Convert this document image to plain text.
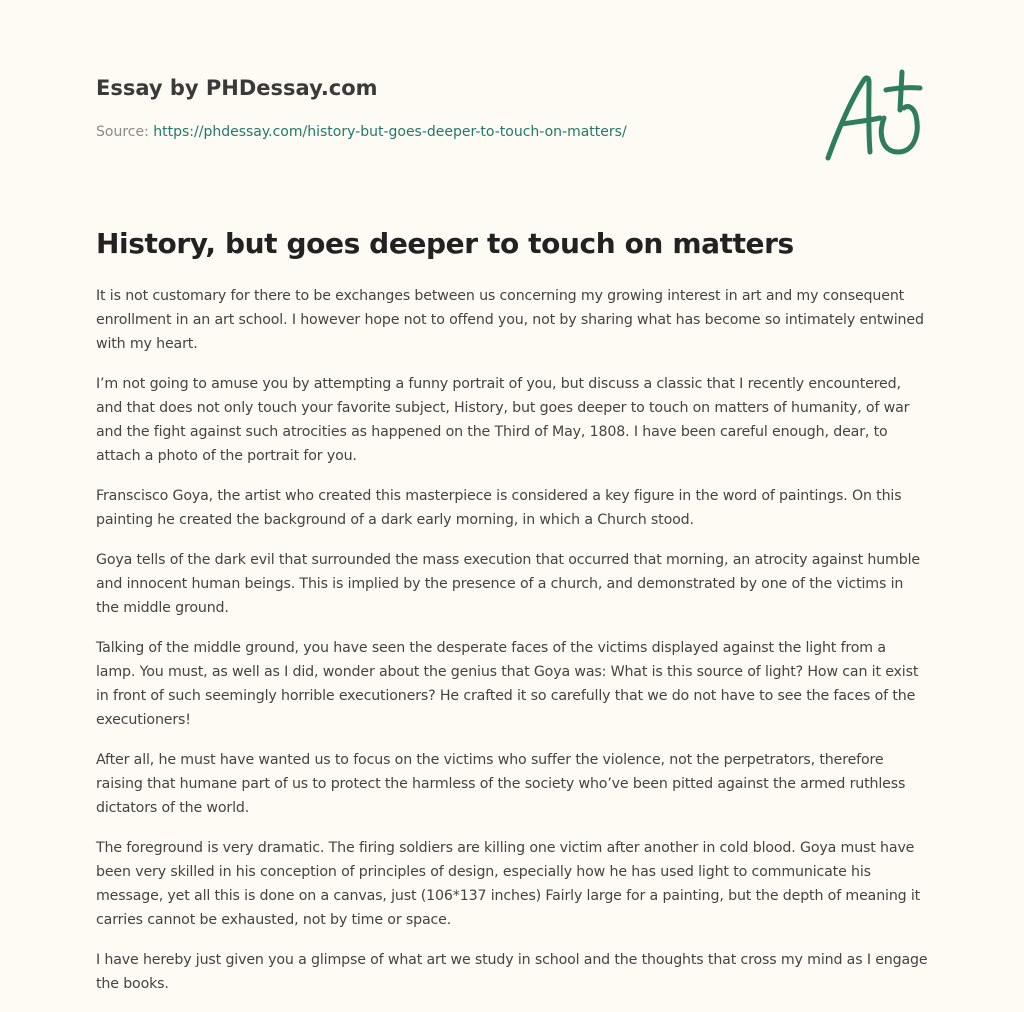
Essay by PHDessay.com
Source: https://phdessay.com/history-but-goes-deeper-to-touch-on-matters/
History, but goes deeper to touch on matters

It is not customary for there to be exchanges between us concerning my growing interest in art and my consequent enrollment in an art school. I however hope not to offend you, not by sharing what has become so intimately entwined with my heart.

I’m not going to amuse you by attempting a funny portrait of you, but discuss a classic that I recently encountered, and that does not only touch your favorite subject, History, but goes deeper to touch on matters of humanity, of war and the fight against such atrocities as happened on the Third of May, 1808. I have been careful enough, dear, to attach a photo of the portrait for you.

Franscisco Goya, the artist who created this masterpiece is considered a key figure in the word of paintings. On this painting he created the background of a dark early morning, in which a Church stood.

Goya tells of the dark evil that surrounded the mass execution that occurred that morning, an atrocity against humble and innocent human beings. This is implied by the presence of a church, and demonstrated by one of the victims in the middle ground.

Talking of the middle ground, you have seen the desperate faces of the victims displayed against the light from a lamp. You must, as well as I did, wonder about the genius that Goya was: What is this source of light? How can it exist in front of such seemingly horrible executioners? He crafted it so carefully that we do not have to see the faces of the executioners!

After all, he must have wanted us to focus on the victims who suffer the violence, not the perpetrators, therefore raising that humane part of us to protect the harmless of the society who’ve been pitted against the armed ruthless dictators of the world.

The foreground is very dramatic. The firing soldiers are killing one victim after another in cold blood. Goya must have been very skilled in his conception of principles of design, especially how he has used light to communicate his message, yet all this is done on a canvas, just (106*137 inches) Fairly large for a painting, but the depth of meaning it carries cannot be exhausted, not by time or space.

I have hereby just given you a glimpse of what art we study in school and the thoughts that cross my mind as I engage the books.
